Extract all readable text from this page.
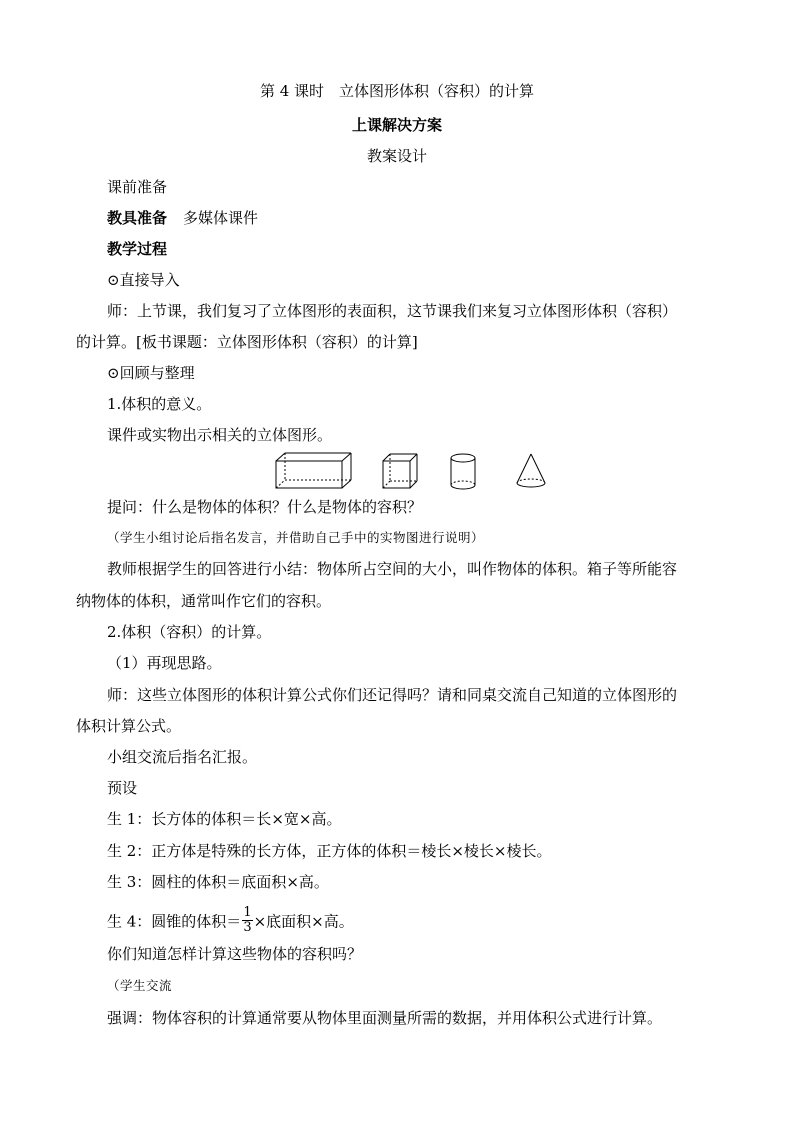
第 4 课时　立体图形体积（容积）的计算
上课解决方案
教案设计
课前准备
教具准备 多媒体课件
教学过程
⊙直接导入
师：上节课，我们复习了立体图形的表面积，这节课我们来复习立体图形体积（容积）
的计算。[板书课题：立体图形体积（容积）的计算]
⊙回顾与整理
1.体积的意义。
课件或实物出示相关的立体图形。
提问：什么是物体的体积？什么是物体的容积？
（学生小组讨论后指名发言，并借助自己手中的实物图进行说明）
教师根据学生的回答进行小结：物体所占空间的大小，叫作物体的体积。箱子等所能容
纳物体的体积，通常叫作它们的容积。
2.体积（容积）的计算。
（1）再现思路。
师：这些立体图形的体积计算公式你们还记得吗？请和同桌交流自己知道的立体图形的
体积计算公式。
小组交流后指名汇报。
预设
生 1：长方体的体积＝长×宽×高。
生 2：正方体是特殊的长方体，正方体的体积＝棱长×棱长×棱长。
生 3：圆柱的体积＝底面积×高。
生 4：圆锥的体积＝ $\frac{1}{3}$ ×底面积×高。
你们知道怎样计算这些物体的容积吗？
（学生交流
强调：物体容积的计算通常要从物体里面测量所需的数据，并用体积公式进行计算。
